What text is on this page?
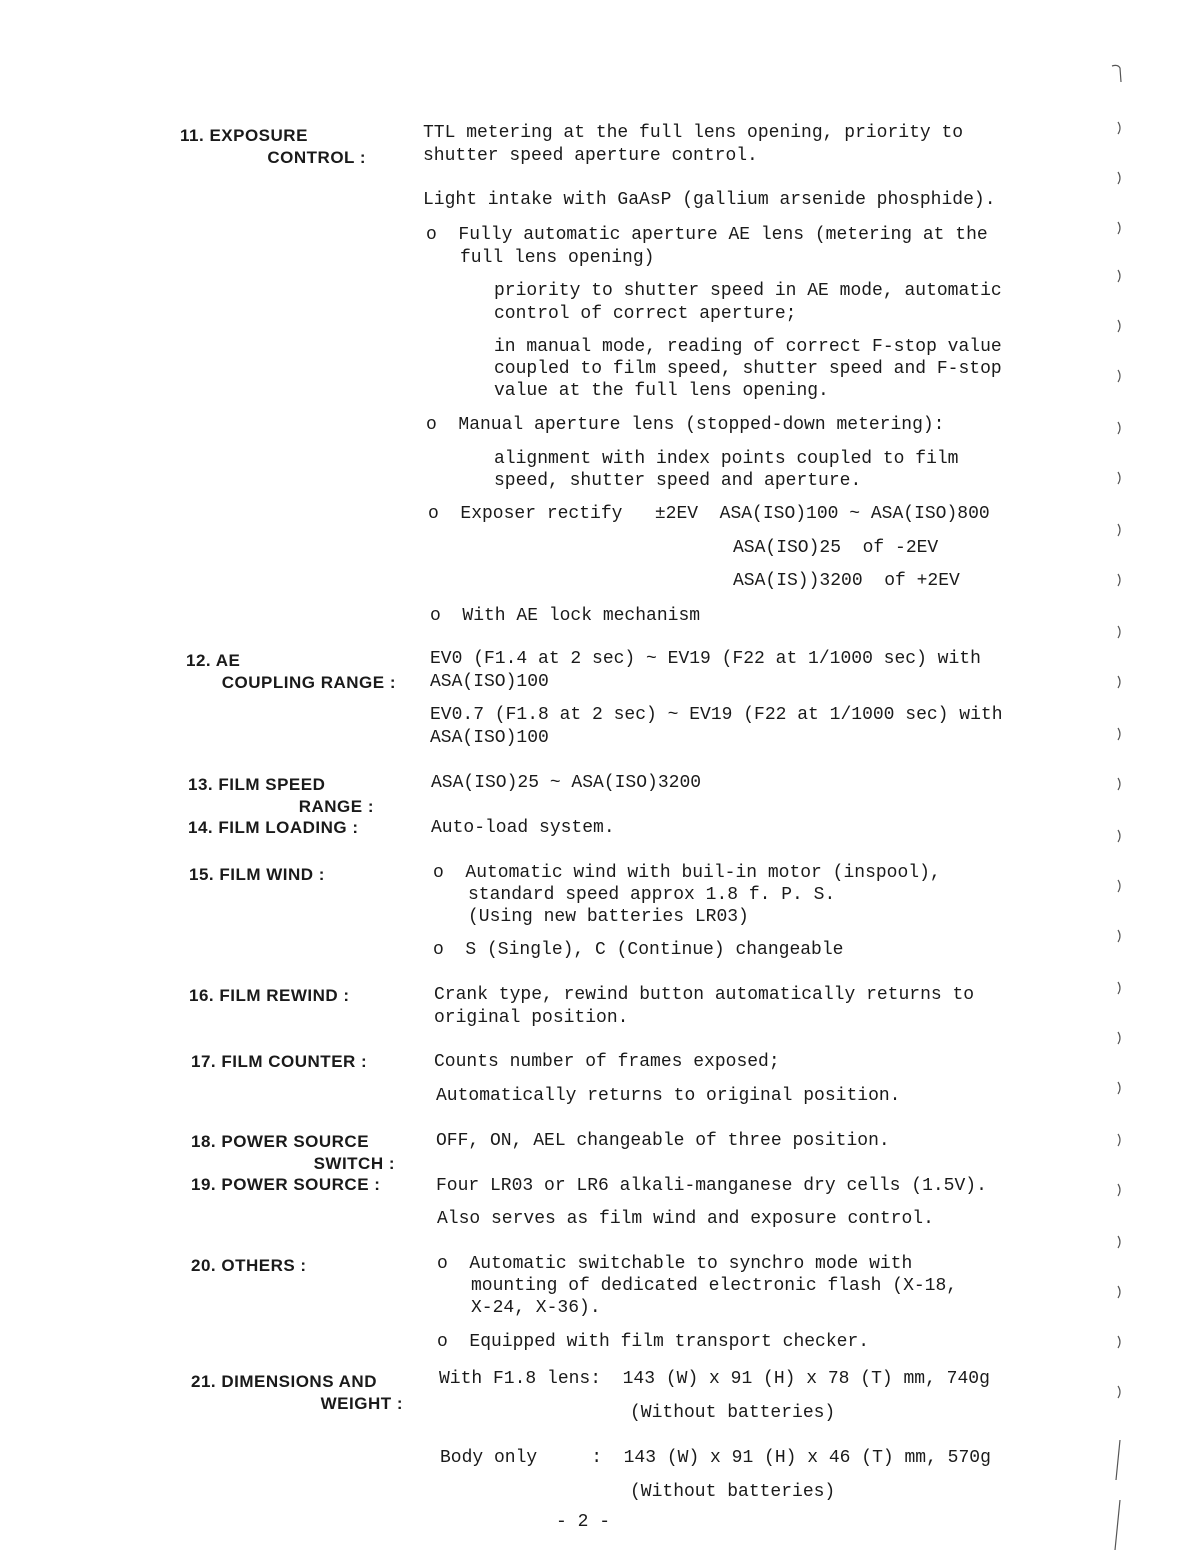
11. EXPOSURE
CONTROL :
12. AE
COUPLING RANGE :
13. FILM SPEED
RANGE :
14. FILM LOADING :
15. FILM WIND :
16. FILM REWIND :
17. FILM COUNTER :
18. POWER SOURCE
SWITCH :
19. POWER SOURCE :
20. OTHERS :
21. DIMENSIONS AND
WEIGHT :
TTL metering at the full lens opening, priority to
shutter speed aperture control.
Light intake with GaAsP (gallium arsenide phosphide).
o  Fully automatic aperture AE lens (metering at the
full lens opening)
priority to shutter speed in AE mode, automatic
control of correct aperture;
in manual mode, reading of correct F-stop value
coupled to film speed, shutter speed and F-stop
value at the full lens opening.
o  Manual aperture lens (stopped-down metering):
alignment with index points coupled to film
speed, shutter speed and aperture.
o  Exposer rectify   ±2EV  ASA(ISO)100 ~ ASA(ISO)800
ASA(ISO)25  of -2EV
ASA(IS))3200  of +2EV
o  With AE lock mechanism
EV0 (F1.4 at 2 sec) ~ EV19 (F22 at 1/1000 sec) with
ASA(ISO)100
EV0.7 (F1.8 at 2 sec) ~ EV19 (F22 at 1/1000 sec) with
ASA(ISO)100
ASA(ISO)25 ~ ASA(ISO)3200
Auto-load system.
o  Automatic wind with buil-in motor (inspool),
standard speed approx 1.8 f. P. S.
(Using new batteries LR03)
o  S (Single), C (Continue) changeable
Crank type, rewind button automatically returns to
original position.
Counts number of frames exposed;
Automatically returns to original position.
OFF, ON, AEL changeable of three position.
Four LR03 or LR6 alkali-manganese dry cells (1.5V).
Also serves as film wind and exposure control.
o  Automatic switchable to synchro mode with
mounting of dedicated electronic flash (X-18,
X-24, X-36).
o  Equipped with film transport checker.
With F1.8 lens:  143 (W) x 91 (H) x 78 (T) mm, 740g
(Without batteries)
Body only     :  143 (W) x 91 (H) x 46 (T) mm, 570g
(Without batteries)
- 2 -
